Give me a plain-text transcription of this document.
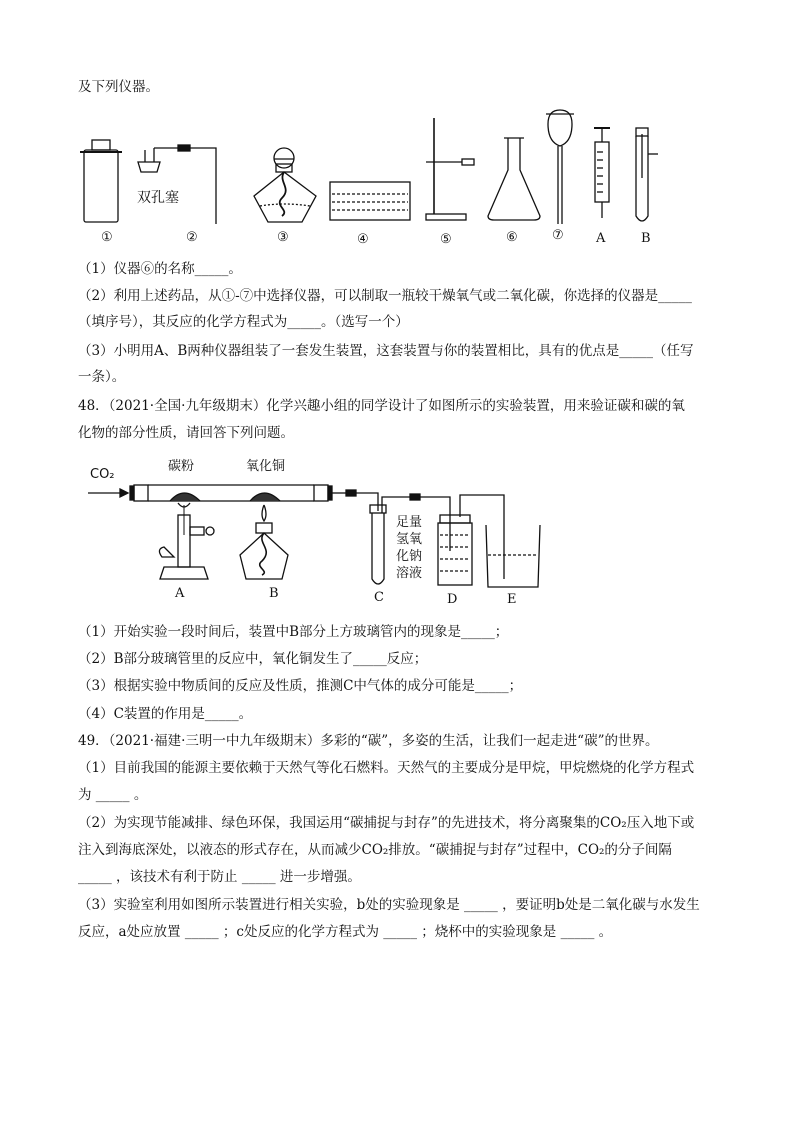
及下列仪器。
双孔塞
①	②	③	④	⑤	⑥	⑦ A	B
（1）仪器⑥的名称_____。
（2）利用上述药品，从①-⑦中选择仪器，可以制取一瓶较干燥氧气或二氧化碳，你选择的仪器是_____
（填序号），其反应的化学方程式为_____。（选写一个）
（3）小明用A、B两种仪器组装了一套发生装置，这套装置与你的装置相比，具有的优点是_____（任写
一条）。
48．（2021·全国·九年级期末）化学兴趣小组的同学设计了如图所示的实验装置，用来验证碳和碳的氧
化物的部分性质，请回答下列问题。
CO₂
碳粉	氧化铜
足量
氢氧
化钠
溶液
A	B	C	D	E
（1）开始实验一段时间后，装置中B部分上方玻璃管内的现象是_____；
（2）B部分玻璃管里的反应中，氧化铜发生了_____反应；
（3）根据实验中物质间的反应及性质，推测C中气体的成分可能是_____；
（4）C装置的作用是_____。
49．（2021·福建·三明一中九年级期末）多彩的“碳”，多姿的生活，让我们一起走进“碳”的世界。
（1）目前我国的能源主要依赖于天然气等化石燃料。天然气的主要成分是甲烷，甲烷燃烧的化学方程式
为 _____ 。
（2）为实现节能减排、绿色环保，我国运用“碳捕捉与封存”的先进技术，将分离聚集的CO₂压入地下或
注入到海底深处，以液态的形式存在，从而减少CO₂排放。“碳捕捉与封存”过程中，CO₂的分子间隔
_____ ，该技术有利于防止 _____ 进一步增强。
（3）实验室利用如图所示装置进行相关实验，b处的实验现象是 _____ ，要证明b处是二氧化碳与水发生
反应，a处应放置 _____ ；c处反应的化学方程式为 _____ ；烧杯中的实验现象是 _____ 。
